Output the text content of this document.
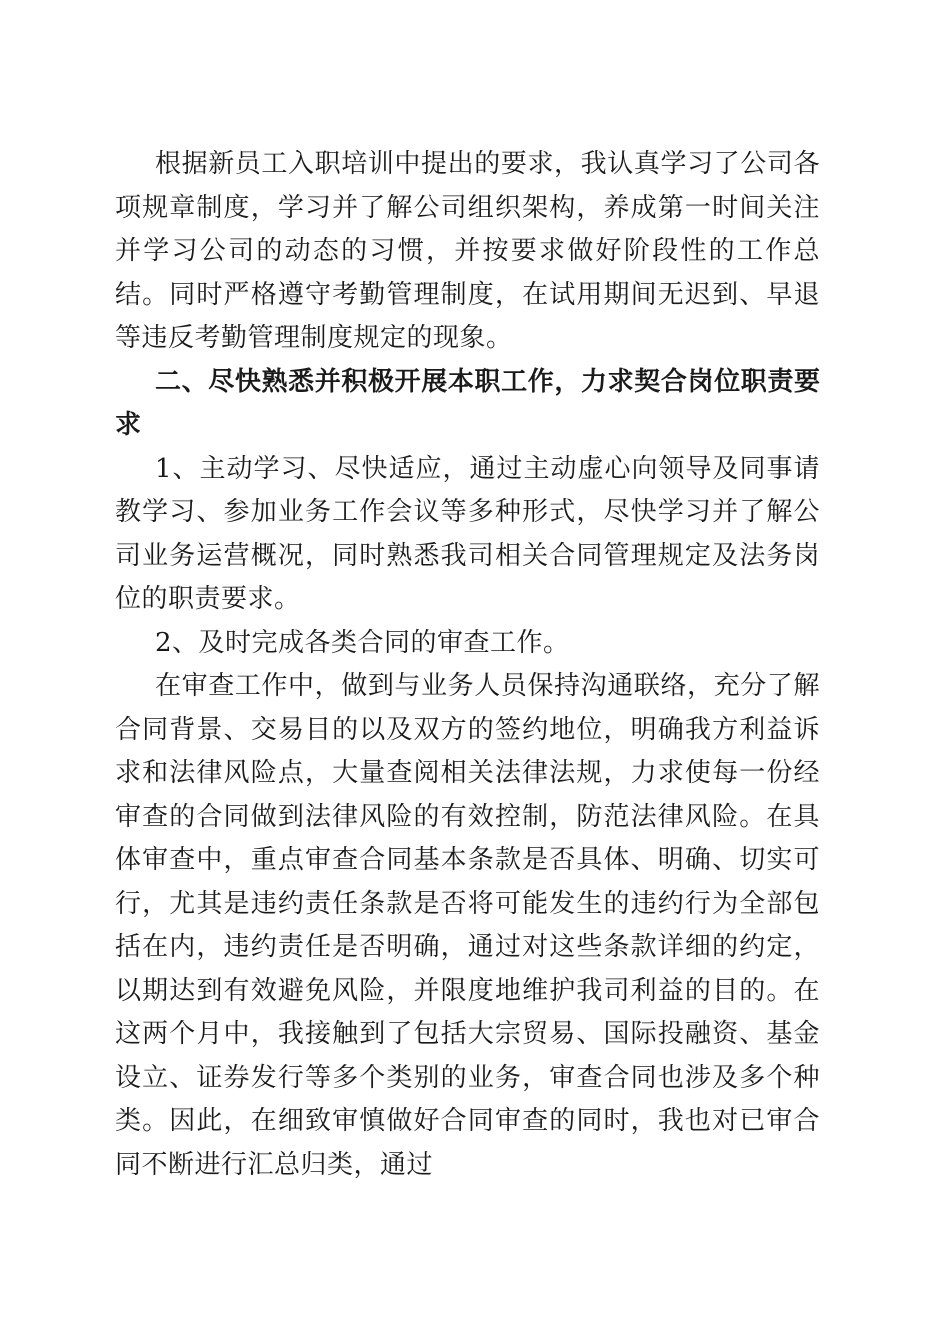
根据新员工入职培训中提出的要求，我认真学习了公司各项规章制度，学习并了解公司组织架构，养成第一时间关注并学习公司的动态的习惯，并按要求做好阶段性的工作总结。同时严格遵守考勤管理制度，在试用期间无迟到、早退等违反考勤管理制度规定的现象。

二、尽快熟悉并积极开展本职工作，力求契合岗位职责要求

1、主动学习、尽快适应，通过主动虚心向领导及同事请教学习、参加业务工作会议等多种形式，尽快学习并了解公司业务运营概况，同时熟悉我司相关合同管理规定及法务岗位的职责要求。

2、及时完成各类合同的审查工作。

在审查工作中，做到与业务人员保持沟通联络，充分了解合同背景、交易目的以及双方的签约地位，明确我方利益诉求和法律风险点，大量查阅相关法律法规，力求使每一份经审查的合同做到法律风险的有效控制，防范法律风险。在具体审查中，重点审查合同基本条款是否具体、明确、切实可行，尤其是违约责任条款是否将可能发生的违约行为全部包括在内，违约责任是否明确，通过对这些条款详细的约定，以期达到有效避免风险，并限度地维护我司利益的目的。在这两个月中，我接触到了包括大宗贸易、国际投融资、基金设立、证券发行等多个类别的业务，审查合同也涉及多个种类。因此，在细致审慎做好合同审查的同时，我也对已审合同不断进行汇总归类，通过
